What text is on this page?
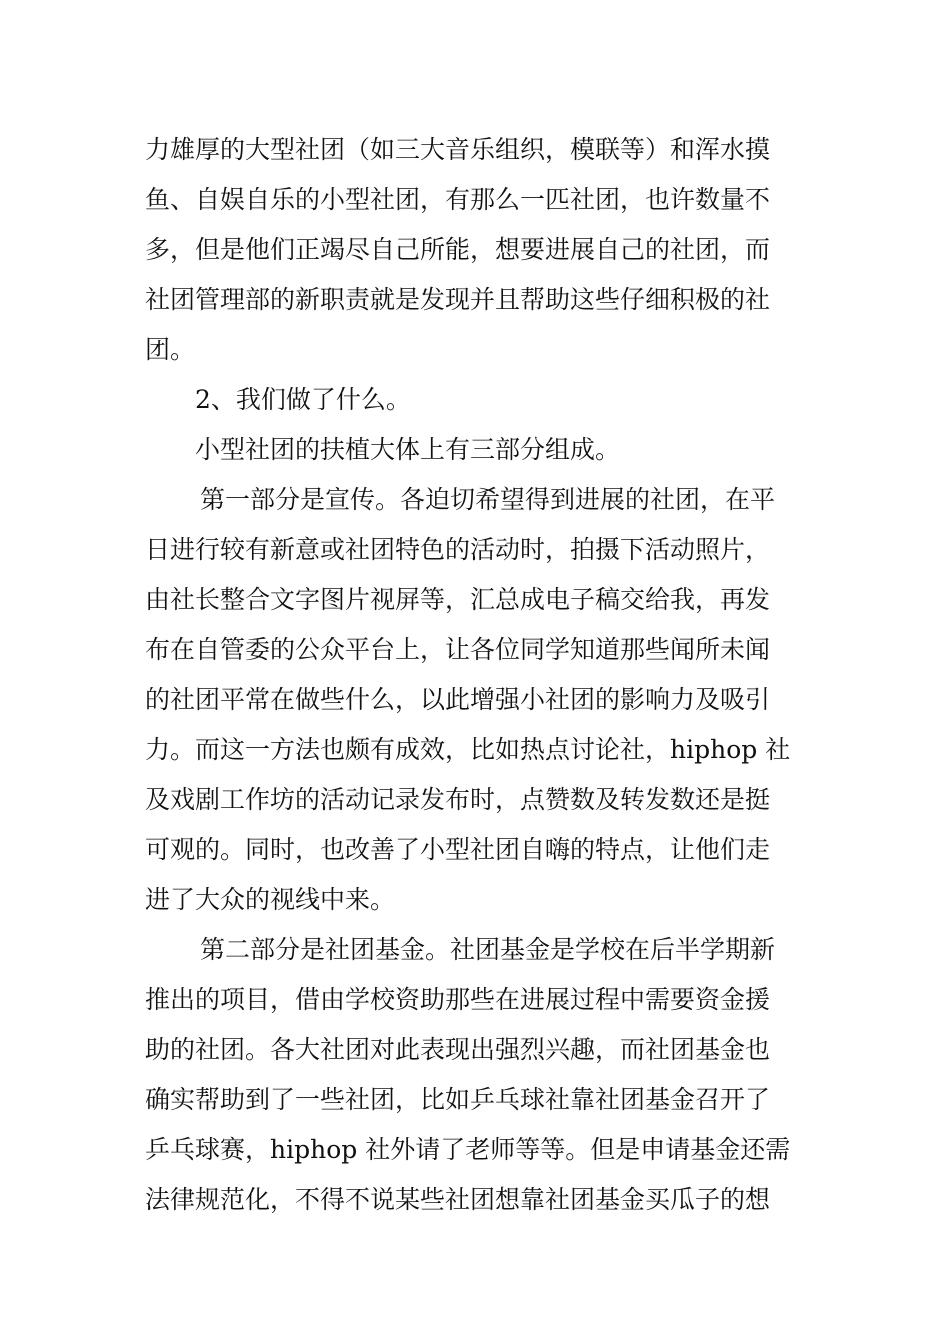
力雄厚的大型社团（如三大音乐组织，模联等）和浑水摸

鱼、自娱自乐的小型社团，有那么一匹社团，也许数量不

多，但是他们正竭尽自己所能，想要进展自己的社团，而

社团管理部的新职责就是发现并且帮助这些仔细积极的社

团。

2、我们做了什么。

小型社团的扶植大体上有三部分组成。

第一部分是宣传。各迫切希望得到进展的社团，在平

日进行较有新意或社团特色的活动时，拍摄下活动照片，

由社长整合文字图片视屏等，汇总成电子稿交给我，再发

布在自管委的公众平台上，让各位同学知道那些闻所未闻

的社团平常在做些什么，以此增强小社团的影响力及吸引

力。而这一方法也颇有成效，比如热点讨论社，hiphop 社

及戏剧工作坊的活动记录发布时，点赞数及转发数还是挺

可观的。同时，也改善了小型社团自嗨的特点，让他们走

进了大众的视线中来。

第二部分是社团基金。社团基金是学校在后半学期新

推出的项目，借由学校资助那些在进展过程中需要资金援

助的社团。各大社团对此表现出强烈兴趣，而社团基金也

确实帮助到了一些社团，比如乒乓球社靠社团基金召开了

乒乓球赛，hiphop 社外请了老师等等。但是申请基金还需

法律规范化，不得不说某些社团想靠社团基金买瓜子的想
